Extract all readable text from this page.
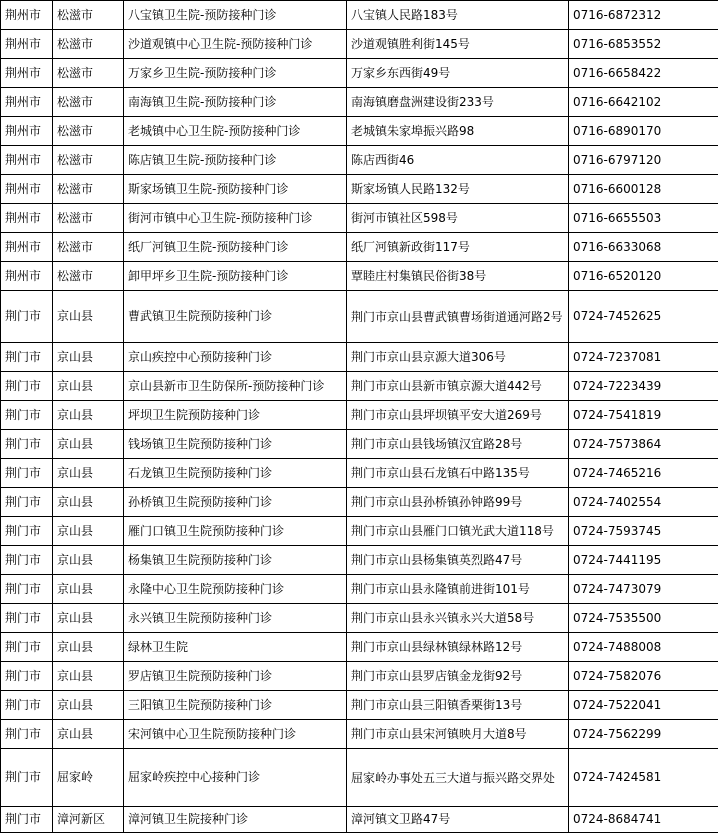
荆州市	松滋市	八宝镇卫生院-预防接种门诊	八宝镇人民路183号	0716-6872312
荆州市	松滋市	沙道观镇中心卫生院-预防接种门诊	沙道观镇胜利街145号	0716-6853552
荆州市	松滋市	万家乡卫生院-预防接种门诊	万家乡东西街49号	0716-6658422
荆州市	松滋市	南海镇卫生院-预防接种门诊	南海镇磨盘洲建设街233号	0716-6642102
荆州市	松滋市	老城镇中心卫生院-预防接种门诊	老城镇朱家埠振兴路98	0716-6890170
荆州市	松滋市	陈店镇卫生院-预防接种门诊	陈店西街46	0716-6797120
荆州市	松滋市	斯家场镇卫生院-预防接种门诊	斯家场镇人民路132号	0716-6600128
荆州市	松滋市	街河市镇中心卫生院-预防接种门诊	街河市镇社区598号	0716-6655503
荆州市	松滋市	纸厂河镇卫生院-预防接种门诊	纸厂河镇新政街117号	0716-6633068
荆州市	松滋市	卸甲坪乡卫生院-预防接种门诊	覃睦庄村集镇民俗街38号	0716-6520120
荆门市	京山县	曹武镇卫生院预防接种门诊	荆门市京山县曹武镇曹场街道通河路2号	0724-7452625
荆门市	京山县	京山疾控中心预防接种门诊	荆门市京山县京源大道306号	0724-7237081
荆门市	京山县	京山县新市卫生防保所-预防接种门诊	荆门市京山县新市镇京源大道442号	0724-7223439
荆门市	京山县	坪坝卫生院预防接种门诊	荆门市京山县坪坝镇平安大道269号	0724-7541819
荆门市	京山县	钱场镇卫生院预防接种门诊	荆门市京山县钱场镇汉宜路28号	0724-7573864
荆门市	京山县	石龙镇卫生院预防接种门诊	荆门市京山县石龙镇石中路135号	0724-7465216
荆门市	京山县	孙桥镇卫生院预防接种门诊	荆门市京山县孙桥镇孙钟路99号	0724-7402554
荆门市	京山县	雁门口镇卫生院预防接种门诊	荆门市京山县雁门口镇光武大道118号	0724-7593745
荆门市	京山县	杨集镇卫生院预防接种门诊	荆门市京山县杨集镇英烈路47号	0724-7441195
荆门市	京山县	永隆中心卫生院预防接种门诊	荆门市京山县永隆镇前进街101号	0724-7473079
荆门市	京山县	永兴镇卫生院预防接种门诊	荆门市京山县永兴镇永兴大道58号	0724-7535500
荆门市	京山县	绿林卫生院	荆门市京山县绿林镇绿林路12号	0724-7488008
荆门市	京山县	罗店镇卫生院预防接种门诊	荆门市京山县罗店镇金龙街92号	0724-7582076
荆门市	京山县	三阳镇卫生院预防接种门诊	荆门市京山县三阳镇香栗街13号	0724-7522041
荆门市	京山县	宋河镇中心卫生院预防接种门诊	荆门市京山县宋河镇映月大道8号	0724-7562299
荆门市	屈家岭	屈家岭疾控中心接种门诊	屈家岭办事处五三大道与振兴路交界处	0724-7424581
荆门市	漳河新区	漳河镇卫生院接种门诊	漳河镇文卫路47号	0724-8684741
